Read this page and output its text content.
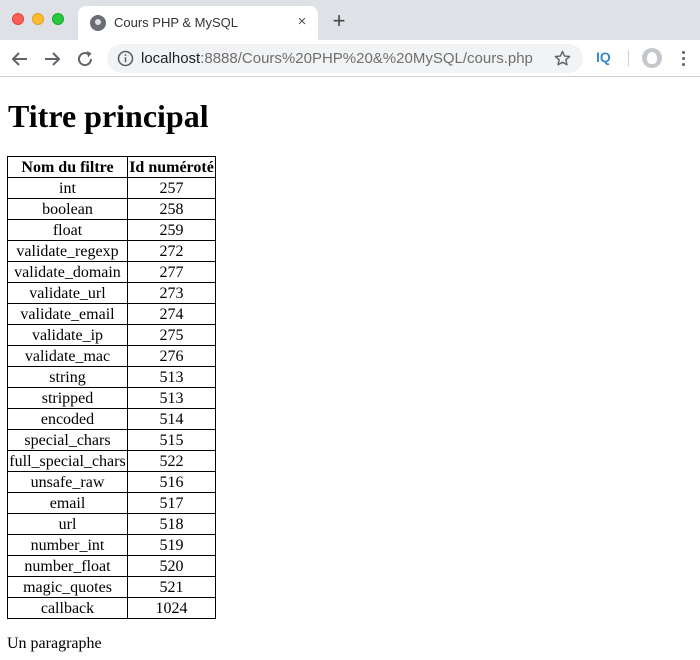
Cours PHP & MySQL	× +
localhost:8888/Cours%20PHP%20&%20MySQL/cours.php	IQ
Titre principal
Nom du filtre	Id numéroté
int	257
boolean	258
float	259
validate_regexp	272
validate_domain	277
validate_url	273
validate_email	274
validate_ip	275
validate_mac	276
string	513
stripped	513
encoded	514
special_chars	515
full_special_chars	522
unsafe_raw	516
email	517
url	518
number_int	519
number_float	520
magic_quotes	521
callback	1024

Un paragraphe
